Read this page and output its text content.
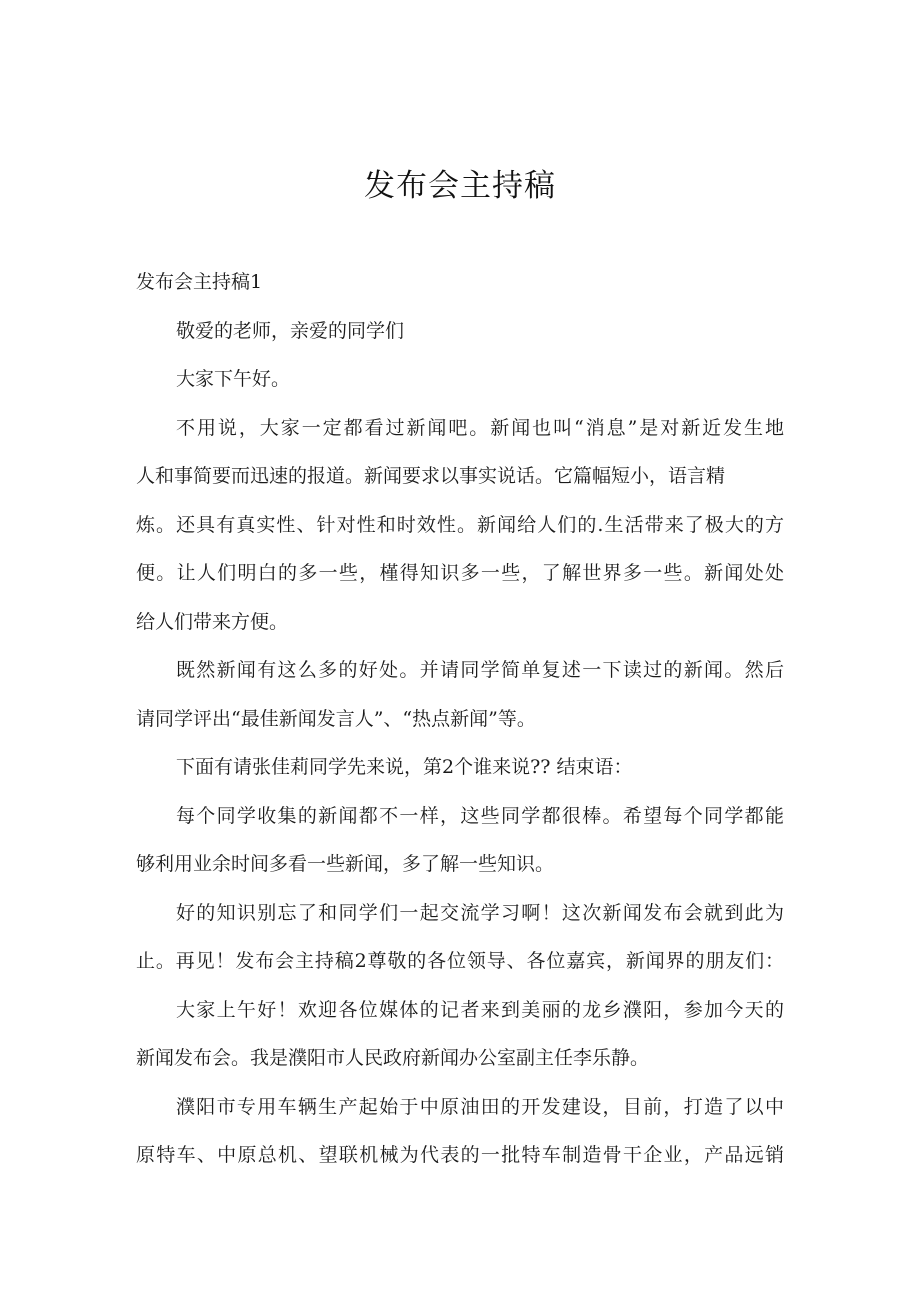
发布会主持稿
发布会主持稿1
敬爱的老师，亲爱的同学们
大家下午好。
不用说，大家一定都看过新闻吧。新闻也叫“消息”是对新近发生地
人和事简要而迅速的报道。新闻要求以事实说话。它篇幅短小，语言精
炼。还具有真实性、针对性和时效性。新闻给人们的.生活带来了极大的方
便。让人们明白的多一些，槿得知识多一些，了解世界多一些。新闻处处
给人们带来方便。
既然新闻有这么多的好处。并请同学简单复述一下读过的新闻。然后
请同学评出“最佳新闻发言人”、“热点新闻”等。
下面有请张佳莉同学先来说，第2个谁来说?? 结束语：
每个同学收集的新闻都不一样，这些同学都很棒。希望每个同学都能
够利用业余时间多看一些新闻，多了解一些知识。
好的知识别忘了和同学们一起交流学习啊！这次新闻发布会就到此为
止。再见！发布会主持稿2尊敬的各位领导、各位嘉宾，新闻界的朋友们：
大家上午好！欢迎各位媒体的记者来到美丽的龙乡濮阳，参加今天的
新闻发布会。我是濮阳市人民政府新闻办公室副主任李乐静。
濮阳市专用车辆生产起始于中原油田的开发建设，目前，打造了以中
原特车、中原总机、望联机械为代表的一批特车制造骨干企业，产品远销
